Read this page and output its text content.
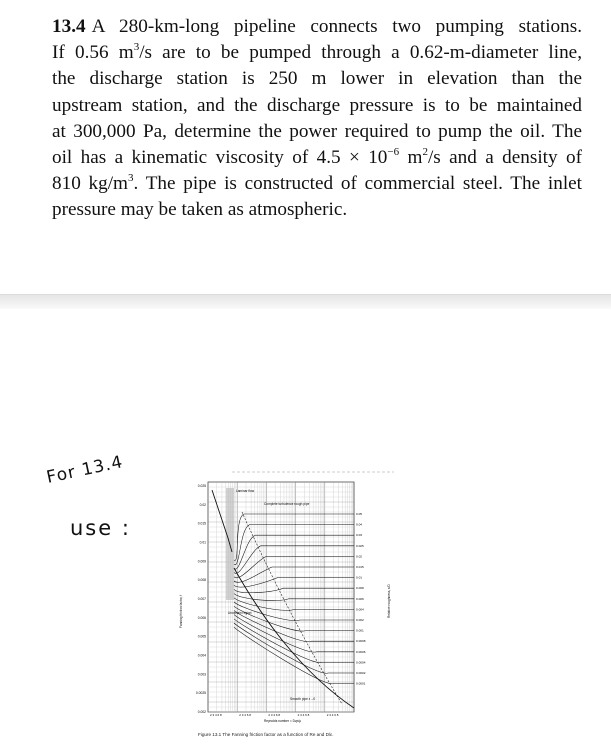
13.4 A 280-km-long pipeline connects two pumping stations.
If 0.56 $m^3/s$ are to be pumped through a 0.62-m-diameter line,
the discharge station is 250 m lower in elevation than the
upstream station, and the discharge pressure is to be maintained
at 300,000 Pa, determine the power required to pump the oil. The
oil has a kinematic viscosity of $4.5 \times 10^{-6}$ $m^2/s$ and a density of
810 $kg/m^3$. The pipe is constructed of commercial steel. The inlet
pressure may be taken as atmospheric.
For 13.4
use :
0.025
0.02
0.015
0.01
0.009
0.008
0.007
0.006
0.005
0.004
0.003
0.0025
0.002
0.05
0.04
0.03
0.025
0.02
0.015
0.01
0.008
0.006
0.004
0.002
0.001
0.0008
0.0006
0.0004
0.0002
0.0001
2 3 4 6 8	2 3 4 6 8	2 3 4 6 8	2 3 4 6 8	2 3 4 6 8
Laminar flow
Complete turbulence rough pipe
Uncertain region
Smooth pipe ε→0
Reynolds number = Dvρ/μ
Fanning friction factor, f	Relative roughness, ε/D
Figure 13.1 The Fanning friction factor as a function of Re and D/ε.
